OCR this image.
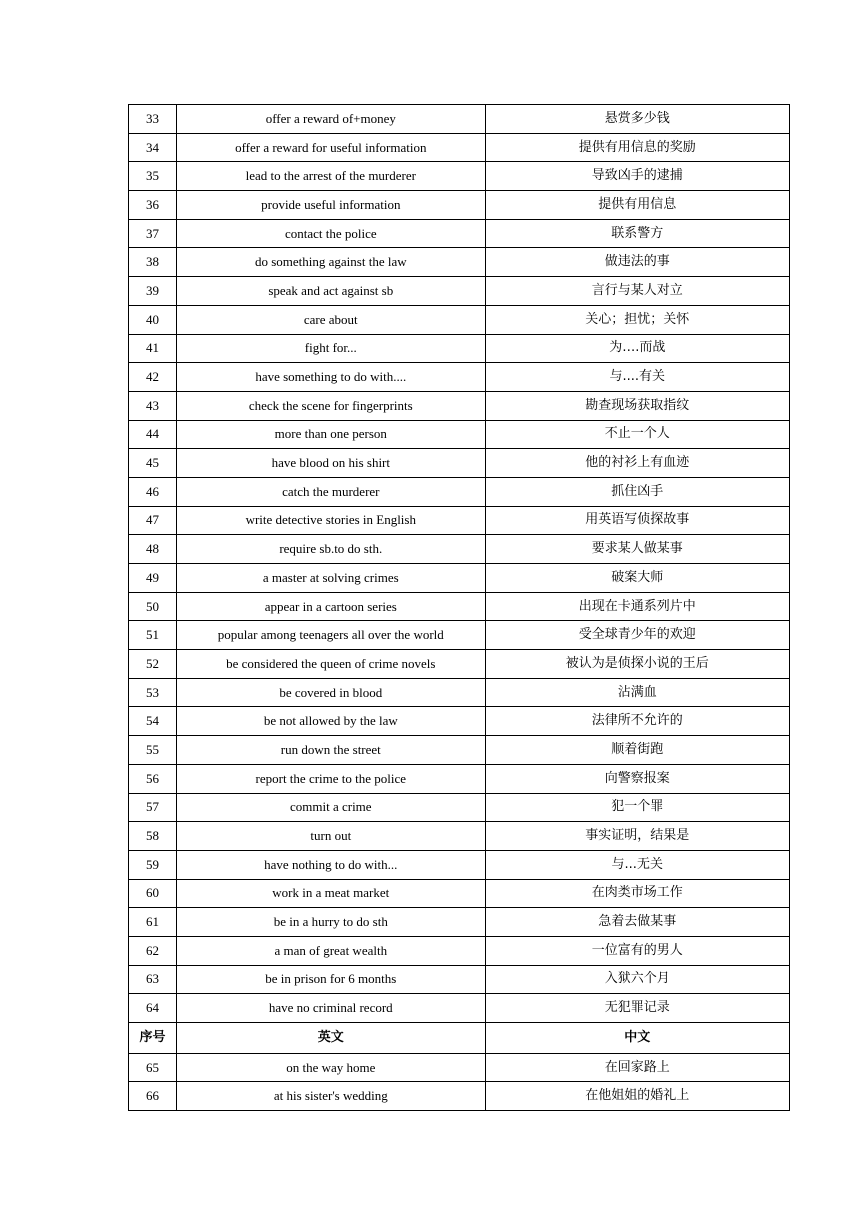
33	offer a reward of+money	悬赏多少钱
34	offer a reward for useful information	提供有用信息的奖励
35	lead to the arrest of the murderer	导致凶手的逮捕
36	provide useful information	提供有用信息
37	contact the police	联系警方
38	do something against the law	做违法的事
39	speak and act against sb	言行与某人对立
40	care about	关心；担忧；关怀
41	fight for...	为….而战
42	have something to do with....	与....有关
43	check the scene for fingerprints	勘查现场获取指纹
44	more than one person	不止一个人
45	have blood on his shirt	他的衬衫上有血迹
46	catch the murderer	抓住凶手
47	write detective stories in English	用英语写侦探故事
48	require sb.to do sth.	要求某人做某事
49	a master at solving crimes	破案大师
50	appear in a cartoon series	出现在卡通系列片中
51	popular among teenagers all over the world	受全球青少年的欢迎
52	be considered the queen of crime novels	被认为是侦探小说的王后
53	be covered in blood	沾满血
54	be not allowed by the law	法律所不允许的
55	run down the street	顺着街跑
56	report the crime to the police	向警察报案
57	commit a crime	犯一个罪
58	turn out	事实证明，结果是
59	have nothing to do with...	与...无关
60	work in a meat market	在肉类市场工作
61	be in a hurry to do sth	急着去做某事
62	a man of great wealth	一位富有的男人
63	be in prison for 6 months	入狱六个月
64	have no criminal record	无犯罪记录
序号	英文	中文
65	on the way home	在回家路上
66	at his sister's wedding	在他姐姐的婚礼上
